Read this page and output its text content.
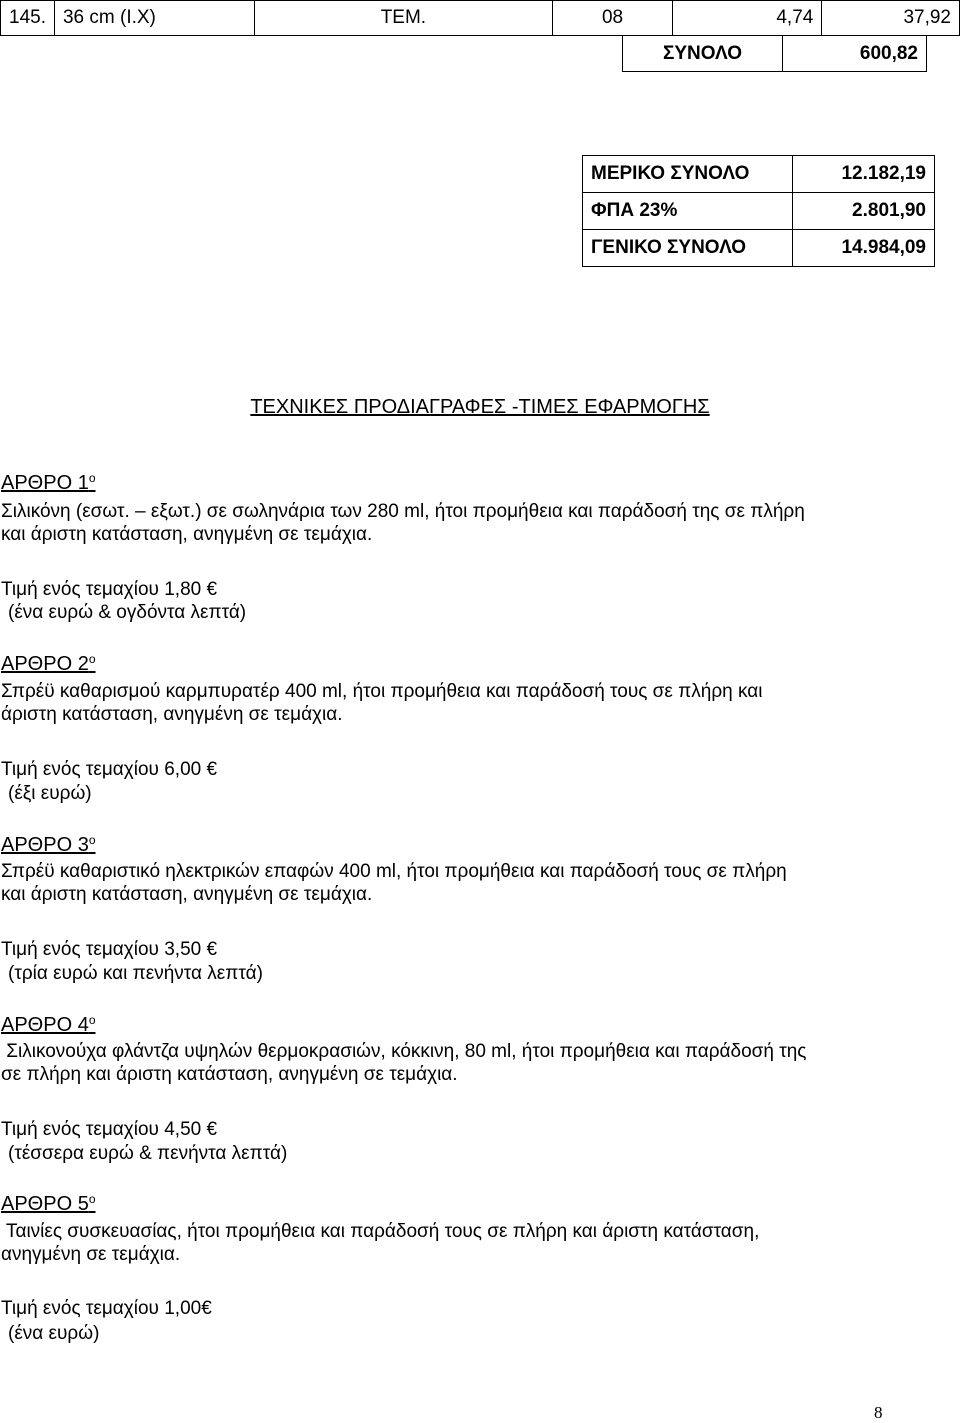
145.	36 cm (I.X)	ΤΕΜ.	08	4,74	37,92
ΣΥΝΟΛΟ	600,82
ΜΕΡΙΚΟ ΣΥΝΟΛΟ	12.182,19
ΦΠΑ 23%	2.801,90
ΓΕΝΙΚΟ ΣΥΝΟΛΟ	14.984,09
ΤΕΧΝΙΚΕΣ ΠΡΟΔΙΑΓΡΑΦΕΣ -ΤΙΜΕΣ ΕΦΑΡΜΟΓΗΣ
ΑΡΘΡΟ $1^o$
Σιλικόνη (εσωτ. – εξωτ.) σε σωληνάρια των 280 ml, ήτοι προμήθεια και παράδοσή της σε πλήρη
και άριστη κατάσταση, ανηγμένη σε τεμάχια.
Τιμή ενός τεμαχίου 1,80 €
(ένα ευρώ & ογδόντα λεπτά)
ΑΡΘΡΟ $2^o$
Σπρέϋ καθαρισμού καρμπυρατέρ 400 ml, ήτοι προμήθεια και παράδοσή τους σε πλήρη και
άριστη κατάσταση, ανηγμένη σε τεμάχια.
Τιμή ενός τεμαχίου 6,00 €
(έξι ευρώ)
ΑΡΘΡΟ $3^o$
Σπρέϋ καθαριστικό ηλεκτρικών επαφών 400 ml, ήτοι προμήθεια και παράδοσή τους σε πλήρη
και άριστη κατάσταση, ανηγμένη σε τεμάχια.
Τιμή ενός τεμαχίου 3,50 €
(τρία ευρώ και πενήντα λεπτά)
ΑΡΘΡΟ $4^o$
Σιλικονούχα φλάντζα υψηλών θερμοκρασιών, κόκκινη, 80 ml, ήτοι προμήθεια και παράδοσή της
σε πλήρη και άριστη κατάσταση, ανηγμένη σε τεμάχια.
Τιμή ενός τεμαχίου 4,50 €
(τέσσερα ευρώ & πενήντα λεπτά)
ΑΡΘΡΟ $5^o$
Ταινίες συσκευασίας, ήτοι προμήθεια και παράδοσή τους σε πλήρη και άριστη κατάσταση,
ανηγμένη σε τεμάχια.
Τιμή ενός τεμαχίου 1,00€
(ένα ευρώ)
8
